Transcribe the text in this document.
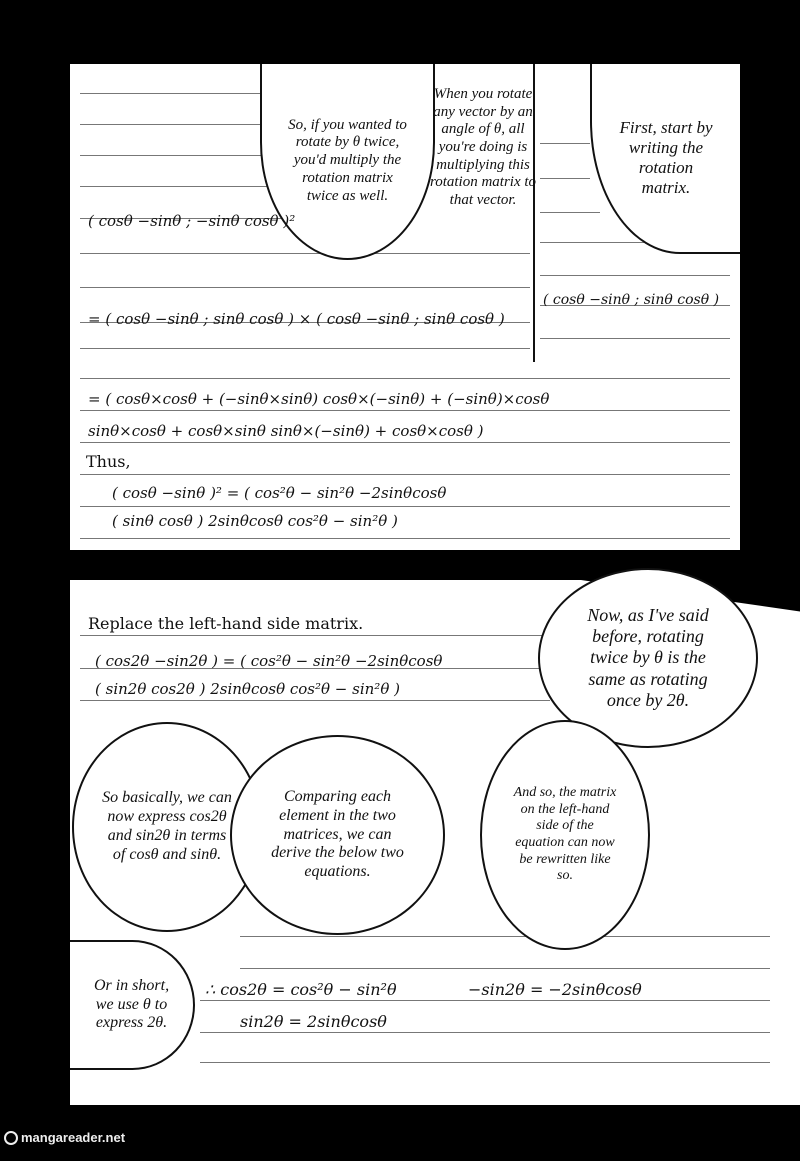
So, if you wanted to rotate by θ twice, you'd multiply the rotation matrix twice as well.
When you rotate any vector by an angle of θ, all you're doing is multiplying this rotation matrix to that vector.
First, start by writing the rotation matrix.
( cosθ −sinθ ; −sinθ cosθ )²
( cosθ −sinθ ; sinθ cosθ )
= ( cosθ −sinθ ; sinθ cosθ ) × ( cosθ −sinθ ; sinθ cosθ )
= ( cosθ×cosθ + (−sinθ×sinθ) cosθ×(−sinθ) + (−sinθ)×cosθ
sinθ×cosθ + cosθ×sinθ sinθ×(−sinθ) + cosθ×cosθ )
Thus,
( cosθ −sinθ )² = ( cos²θ − sin²θ −2sinθcosθ
( sinθ cosθ ) 2sinθcosθ cos²θ − sin²θ )
Replace the left-hand side matrix.
( cos2θ −sin2θ ) = ( cos²θ − sin²θ −2sinθcosθ
( sin2θ cos2θ ) 2sinθcosθ cos²θ − sin²θ )
Now, as I've said before, rotating twice by θ is the same as rotating once by 2θ.
So basically, we can now express cos2θ and sin2θ in terms of cosθ and sinθ.
Comparing each element in the two matrices, we can derive the below two equations.
And so, the matrix on the left-hand side of the equation can now be rewritten like so.
Or in short, we use θ to express 2θ.
∴ cos2θ = cos²θ − sin²θ	−sin2θ = −2sinθcosθ
sin2θ = 2sinθcosθ
mangareader.net
